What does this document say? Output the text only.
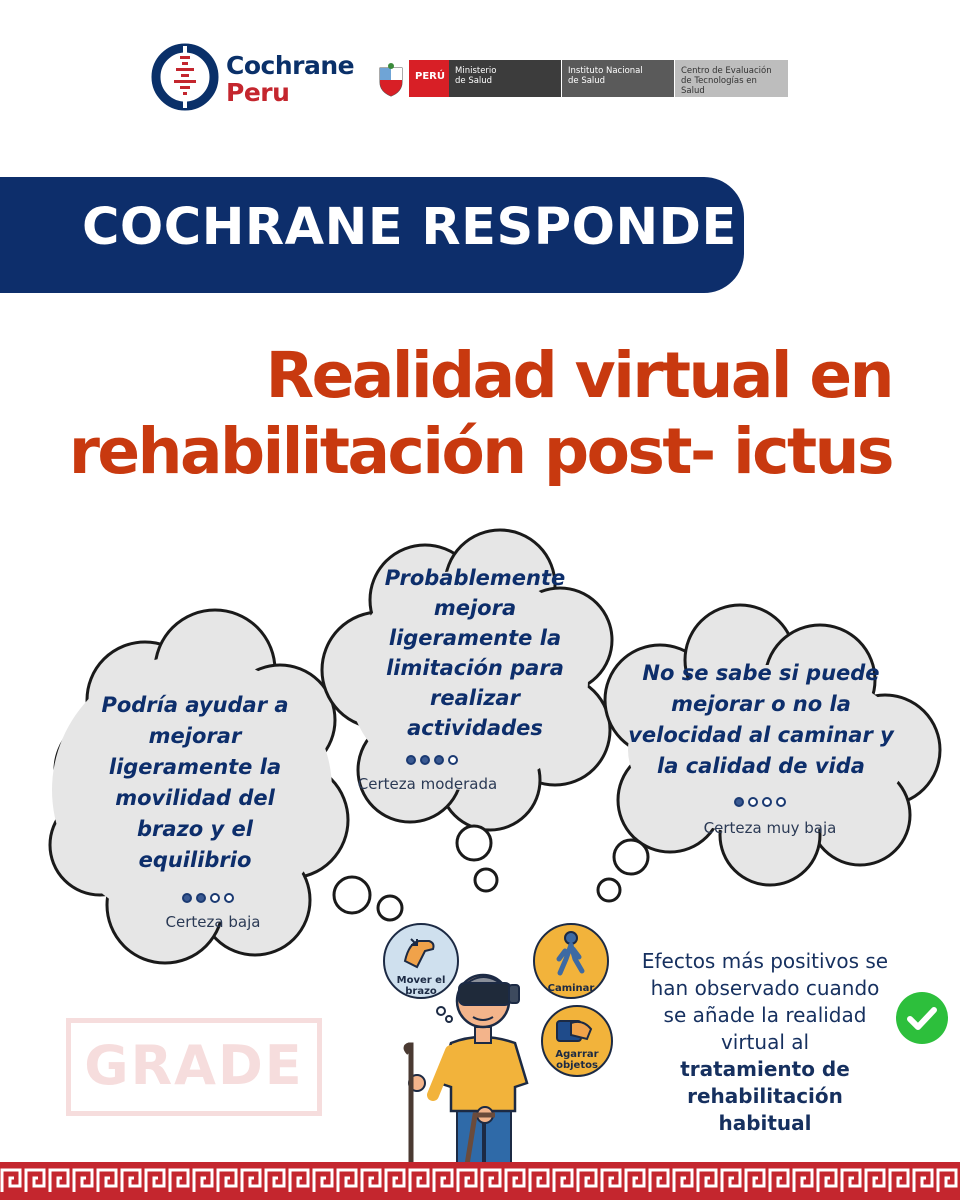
Cochrane
Peru
PERÚ	Ministerio
de Salud
Instituto Nacional
de Salud
Centro de Evaluación
de Tecnologías en Salud
COCHRANE RESPONDE
Realidad virtual en
rehabilitación post- ictus
Podría ayudar a mejorar ligeramente la movilidad del brazo y el equilibrio
Certeza baja
Probablemente mejora ligeramente la limitación para realizar actividades
Certeza moderada
No se sabe si puede mejorar o no la velocidad al caminar y la calidad de vida
Certeza muy baja
Mover el brazo	Caminar
Agarrar objetos
GRADE
Efectos más positivos se han observado cuando se añade la realidad virtual al
tratamiento de rehabilitación habitual
